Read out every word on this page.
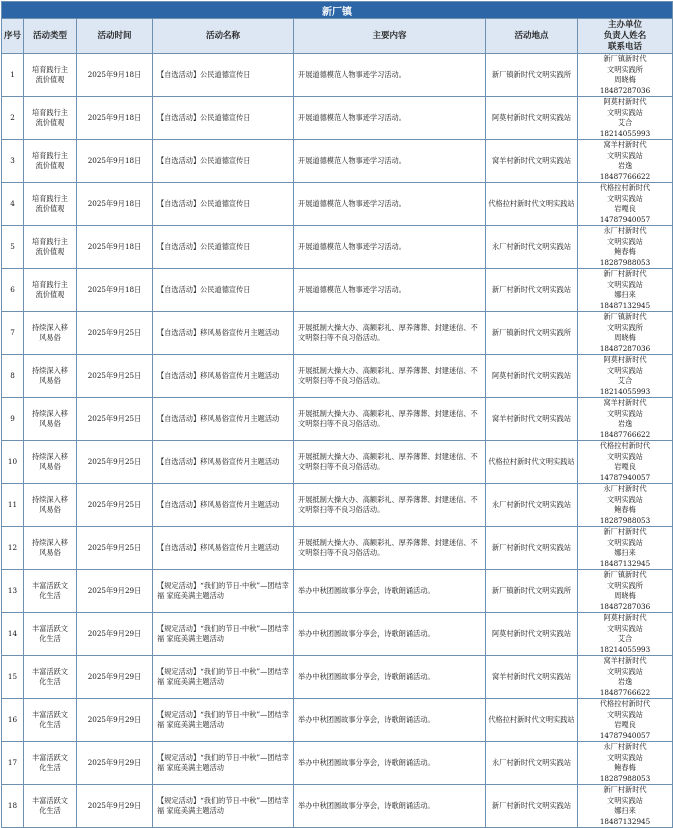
新厂镇						
序号	活动类型	活动时间	活动名称	主要内容	活动地点	主办单位
负责人姓名
联系电话

1	培育践行主流价值观	2025年9月18日	【自选活动】公民道德宣传日	开展道德模范人物事迹学习活动。	新厂镇新时代文明实践所	新厂镇新时代
文明实践所
周晓梅
18487287036

2	培育践行主流价值观	2025年9月18日	【自选活动】公民道德宣传日	开展道德模范人物事迹学习活动。	阿莫村新时代文明实践站	阿莫村新时代
文明实践站
艾合
18214055993

3	培育践行主流价值观	2025年9月18日	【自选活动】公民道德宣传日	开展道德模范人物事迹学习活动。	窝羊村新时代文明实践站	窝羊村新时代
文明实践站
岩逸
18487766622

4	培育践行主流价值观	2025年9月18日	【自选活动】公民道德宣传日	开展道德模范人物事迹学习活动。	代格拉村新时代文明实践站	代格拉村新时代
文明实践站
岩嘎良
14787940057

5	培育践行主流价值观	2025年9月18日	【自选活动】公民道德宣传日	开展道德模范人物事迹学习活动。	永厂村新时代文明实践站	永厂村新时代
文明实践站
鲍春梅
18287988053

6	培育践行主流价值观	2025年9月18日	【自选活动】公民道德宣传日	开展道德模范人物事迹学习活动。	新厂村新时代文明实践站	新厂村新时代
文明实践站
娜扫来
18487132945

7	持续深入移风易俗	2025年9月25日	【自选活动】移风易俗宣传月主题活动	开展抵制大操大办、高额彩礼、厚养薄葬、封建迷信、不文明祭扫等不良习俗活动。	新厂镇新时代文明实践所	新厂镇新时代
文明实践所
周晓梅
18487287036

8	持续深入移风易俗	2025年9月25日	【自选活动】移风易俗宣传月主题活动	开展抵制大操大办、高额彩礼、厚养薄葬、封建迷信、不文明祭扫等不良习俗活动。	阿莫村新时代文明实践站	阿莫村新时代
文明实践站
艾合
18214055993

9	持续深入移风易俗	2025年9月25日	【自选活动】移风易俗宣传月主题活动	开展抵制大操大办、高额彩礼、厚养薄葬、封建迷信、不文明祭扫等不良习俗活动。	窝羊村新时代文明实践站	窝羊村新时代
文明实践站
岩逸
18487766622

10	持续深入移风易俗	2025年9月25日	【自选活动】移风易俗宣传月主题活动	开展抵制大操大办、高额彩礼、厚养薄葬、封建迷信、不文明祭扫等不良习俗活动。	代格拉村新时代文明实践站	代格拉村新时代
文明实践站
岩嘎良
14787940057

11	持续深入移风易俗	2025年9月25日	【自选活动】移风易俗宣传月主题活动	开展抵制大操大办、高额彩礼、厚养薄葬、封建迷信、不文明祭扫等不良习俗活动。	永厂村新时代文明实践站	永厂村新时代
文明实践站
鲍春梅
18287988053

12	持续深入移风易俗	2025年9月25日	【自选活动】移风易俗宣传月主题活动	开展抵制大操大办、高额彩礼、厚养薄葬、封建迷信、不文明祭扫等不良习俗活动。	新厂村新时代文明实践站	新厂村新时代
文明实践站
娜扫来
18487132945

13	丰富活跃文化生活	2025年9月29日	【规定活动】“我们的节日·中秋”—团结幸福 家庭美满主题活动	举办中秋团圆故事分享会，诗歌朗诵活动。	新厂镇新时代文明实践所	新厂镇新时代
文明实践所
周晓梅
18487287036

14	丰富活跃文化生活	2025年9月29日	【规定活动】“我们的节日·中秋”—团结幸福 家庭美满主题活动	举办中秋团圆故事分享会，诗歌朗诵活动。	阿莫村新时代文明实践站	阿莫村新时代
文明实践站
艾合
18214055993

15	丰富活跃文化生活	2025年9月29日	【规定活动】“我们的节日·中秋”—团结幸福 家庭美满主题活动	举办中秋团圆故事分享会，诗歌朗诵活动。	窝羊村新时代文明实践站	窝羊村新时代
文明实践站
岩逸
18487766622

16	丰富活跃文化生活	2025年9月29日	【规定活动】“我们的节日·中秋”—团结幸福 家庭美满主题活动	举办中秋团圆故事分享会，诗歌朗诵活动。	代格拉村新时代文明实践站	代格拉村新时代
文明实践站
岩嘎良
14787940057

17	丰富活跃文化生活	2025年9月29日	【规定活动】“我们的节日·中秋”—团结幸福 家庭美满主题活动	举办中秋团圆故事分享会，诗歌朗诵活动。	永厂村新时代文明实践站	永厂村新时代
文明实践站
鲍春梅
18287988053

18	丰富活跃文化生活	2025年9月29日	【规定活动】“我们的节日·中秋”—团结幸福 家庭美满主题活动	举办中秋团圆故事分享会，诗歌朗诵活动。	新厂村新时代文明实践站	新厂村新时代
文明实践站
娜扫来
18487132945
